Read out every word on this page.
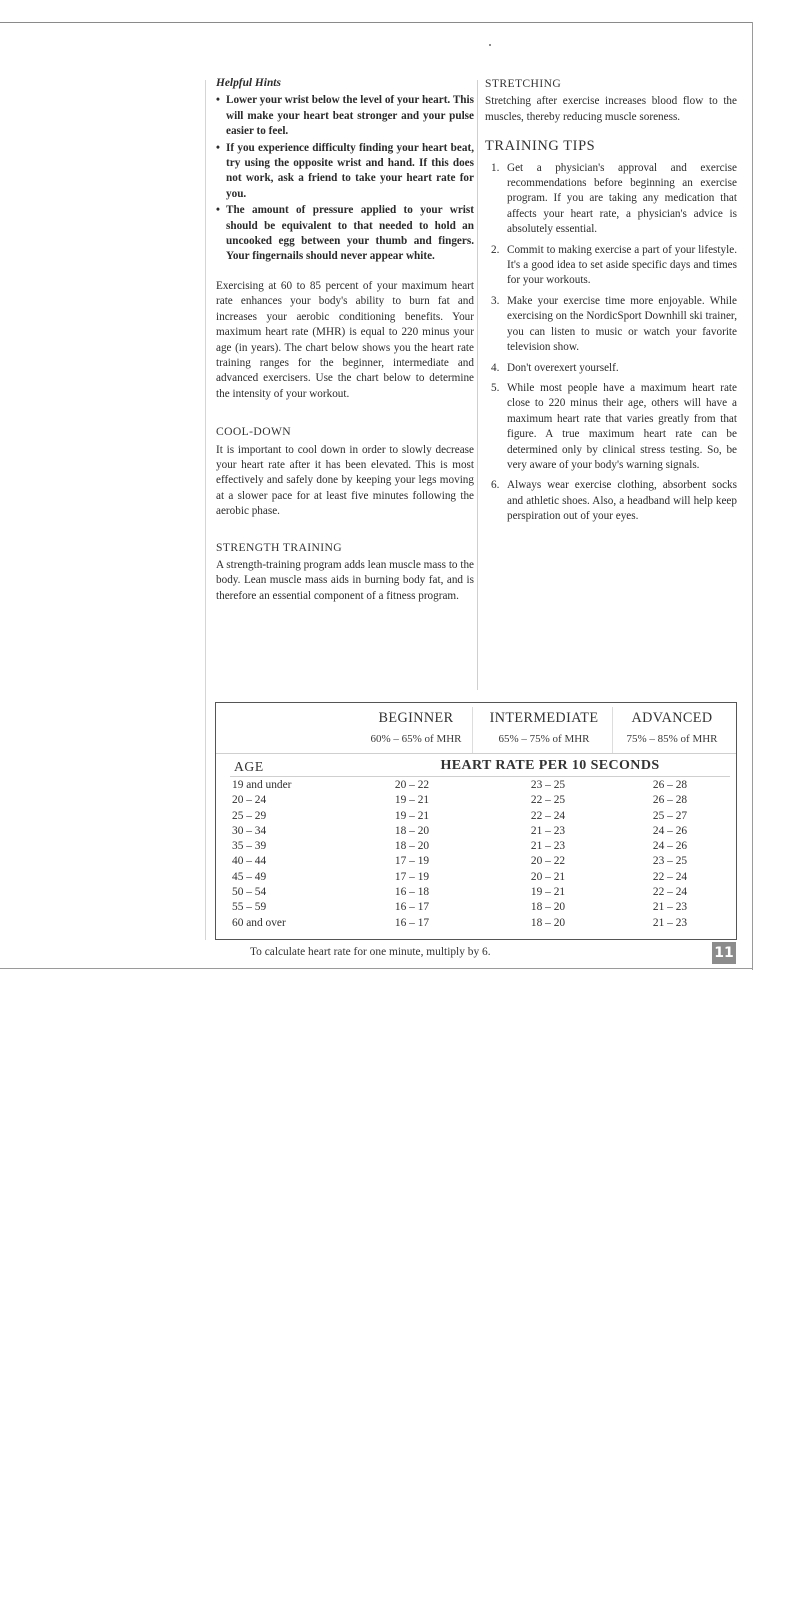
Helpful Hints
• Lower your wrist below the level of your heart. This will make your heart beat stronger and your pulse easier to feel.
• If you experience difficulty finding your heart beat, try using the opposite wrist and hand. If this does not work, ask a friend to take your heart rate for you.
• The amount of pressure applied to your wrist should be equivalent to that needed to hold an uncooked egg between your thumb and fingers. Your fingernails should never appear white.

Exercising at 60 to 85 percent of your maximum heart rate enhances your body's ability to burn fat and increases your aerobic conditioning benefits. Your maximum heart rate (MHR) is equal to 220 minus your age (in years). The chart below shows you the heart rate training ranges for the beginner, intermediate and advanced exercisers. Use the chart below to determine the intensity of your workout.

COOL-DOWN

It is important to cool down in order to slowly decrease your heart rate after it has been elevated. This is most effectively and safely done by keeping your legs moving at a slower pace for at least five minutes following the aerobic phase.

STRENGTH TRAINING

A strength-training program adds lean muscle mass to the body. Lean muscle mass aids in burning body fat, and is therefore an essential component of a fitness program.

STRETCHING

Stretching after exercise increases blood flow to the muscles, thereby reducing muscle soreness.

TRAINING TIPS
1. Get a physician's approval and exercise recommendations before beginning an exercise program. If you are taking any medication that affects your heart rate, a physician's advice is absolutely essential.
2. Commit to making exercise a part of your lifestyle. It's a good idea to set aside specific days and times for your workouts.
3. Make your exercise time more enjoyable. While exercising on the NordicSport Downhill ski trainer, you can listen to music or watch your favorite television show.
4. Don't overexert yourself.
5. While most people have a maximum heart rate close to 220 minus their age, others will have a maximum heart rate that varies greatly from that figure. A true maximum heart rate can be determined only by clinical stress testing. So, be very aware of your body's warning signals.
6. Always wear exercise clothing, absorbent socks and athletic shoes. Also, a headband will help keep perspiration out of your eyes.
BEGINNER
60% – 65% of MHR
INTERMEDIATE
65% – 75% of MHR
ADVANCED
75% – 85% of MHR
AGE	HEART RATE PER 10 SECONDS
19 and under	20 – 22	23 – 25	26 – 28
20 – 24	19 – 21	22 – 25	26 – 28
25 – 29	19 – 21	22 – 24	25 – 27
30 – 34	18 – 20	21 – 23	24 – 26
35 – 39	18 – 20	21 – 23	24 – 26
40 – 44	17 – 19	20 – 22	23 – 25
45 – 49	17 – 19	20 – 21	22 – 24
50 – 54	16 – 18	19 – 21	22 – 24
55 – 59	16 – 17	18 – 20	21 – 23
60 and over	16 – 17	18 – 20	21 – 23
To calculate heart rate for one minute, multiply by 6.	11
